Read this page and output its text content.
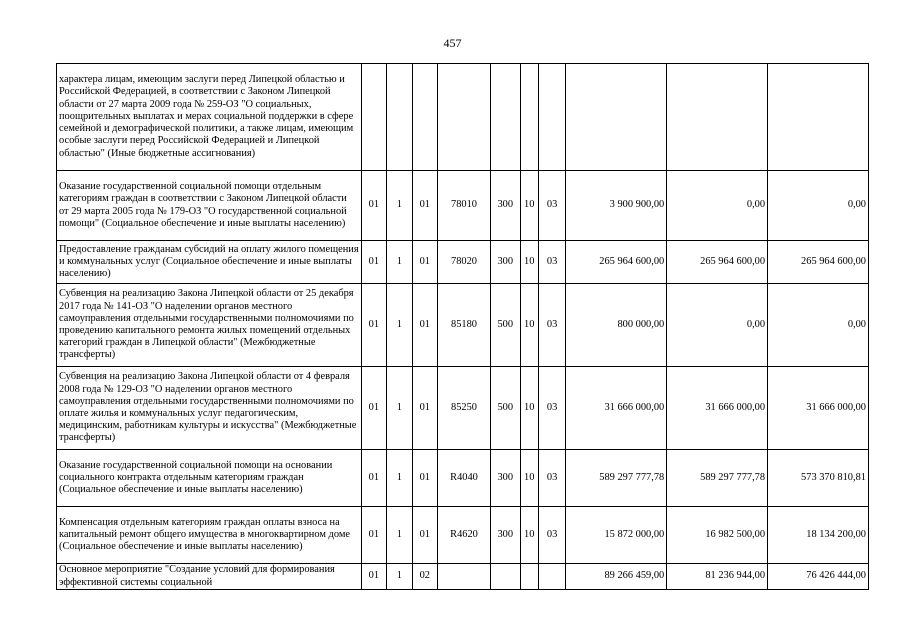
457
характера лицам, имеющим заслуги перед Липецкой областью и Российской Федерацией, в соответствии с Законом Липецкой области от 27 марта 2009 года № 259-ОЗ "О социальных, поощрительных выплатах и мерах социальной поддержки в сфере семейной и демографической политики, а также лицам, имеющим особые заслуги перед Российской Федерацией и Липецкой областью" (Иные бюджетные ассигнования)										
Оказание государственной социальной помощи отдельным категориям граждан в соответствии с Законом Липецкой области от 29 марта 2005 года № 179-ОЗ "О государственной социальной помощи" (Социальное обеспечение и иные выплаты населению)	01	1	01	78010	300	10	03	3 900 900,00	0,00	0,00
Предоставление гражданам субсидий на оплату жилого помещения и коммунальных услуг (Социальное обеспечение и иные выплаты населению)	01	1	01	78020	300	10	03	265 964 600,00	265 964 600,00	265 964 600,00
Субвенция на реализацию Закона Липецкой области от 25 декабря 2017 года № 141-ОЗ "О наделении органов местного самоуправления отдельными государственными полномочиями по проведению капитального ремонта жилых помещений отдельных категорий граждан в Липецкой области" (Межбюджетные трансферты)	01	1	01	85180	500	10	03	800 000,00	0,00	0,00
Субвенция на реализацию Закона Липецкой области от 4 февраля 2008 года № 129-ОЗ "О наделении органов местного самоуправления отдельными государственными полномочиями по оплате жилья и коммунальных услуг педагогическим, медицинским, работникам культуры и искусства" (Межбюджетные трансферты)	01	1	01	85250	500	10	03	31 666 000,00	31 666 000,00	31 666 000,00
Оказание государственной социальной помощи на основании социального контракта отдельным категориям граждан (Социальное обеспечение и иные выплаты населению)	01	1	01	R4040	300	10	03	589 297 777,78	589 297 777,78	573 370 810,81
Компенсация отдельным категориям граждан оплаты взноса на капитальный ремонт общего имущества в многоквартирном доме (Социальное обеспечение и иные выплаты населению)	01	1	01	R4620	300	10	03	15 872 000,00	16 982 500,00	18 134 200,00
Основное мероприятие "Создание условий для формирования эффективной системы социальной	01	1	02					89 266 459,00	81 236 944,00	76 426 444,00
